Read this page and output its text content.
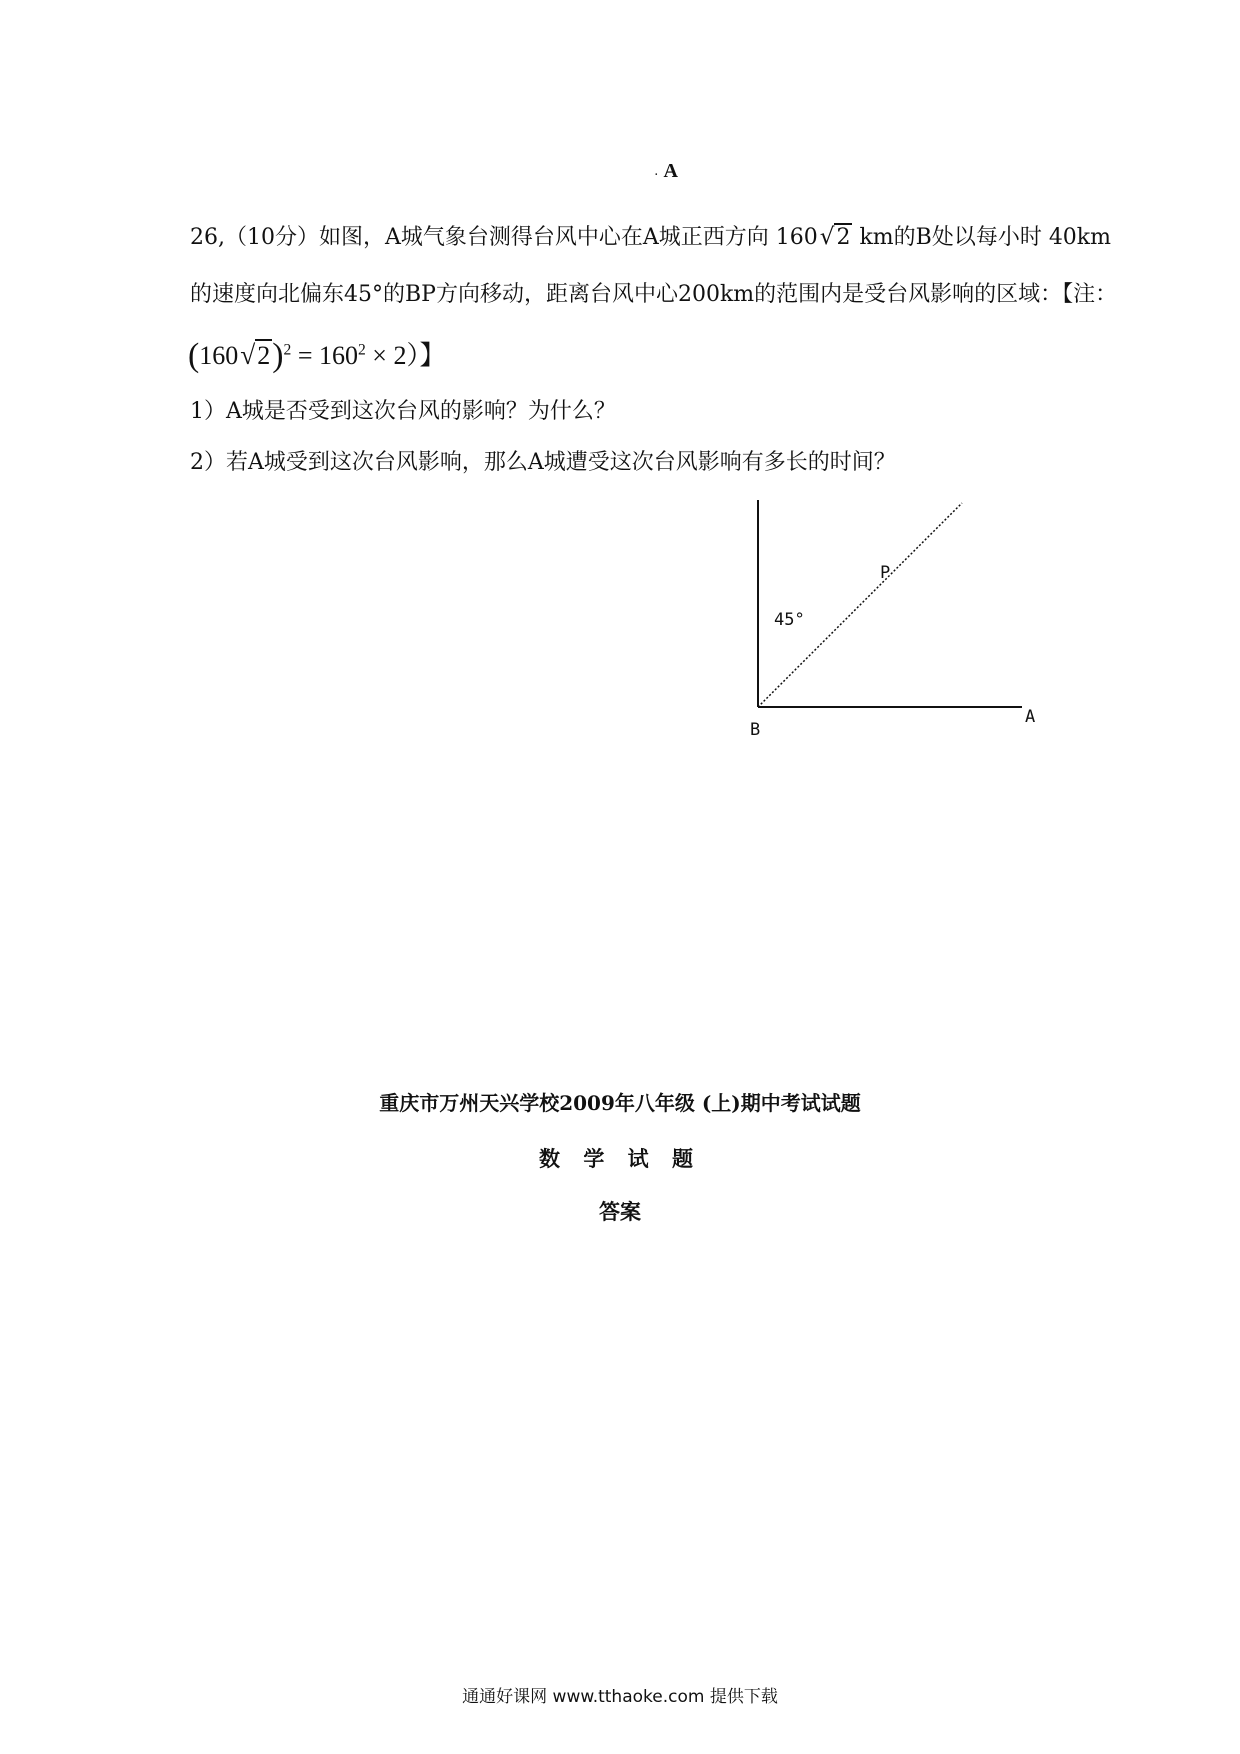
. A
26,（10分）如图，A城气象台测得台风中心在A城正西方向 160√2 km的B处以每小时 40km
的速度向北偏东45°的BP方向移动，距离台风中心200km的范围内是受台风影响的区域：【注：
$(160√2)^2 = 160^2 \times 2$）】
1）A城是否受到这次台风的影响？为什么？
2）若A城受到这次台风影响，那么A城遭受这次台风影响有多长的时间？
P
45°
B
A
重庆市万州天兴学校2009年八年级 (上)期中考试试题
数 学 试 题
答案
通通好课网 www.tthaoke.com 提供下载
